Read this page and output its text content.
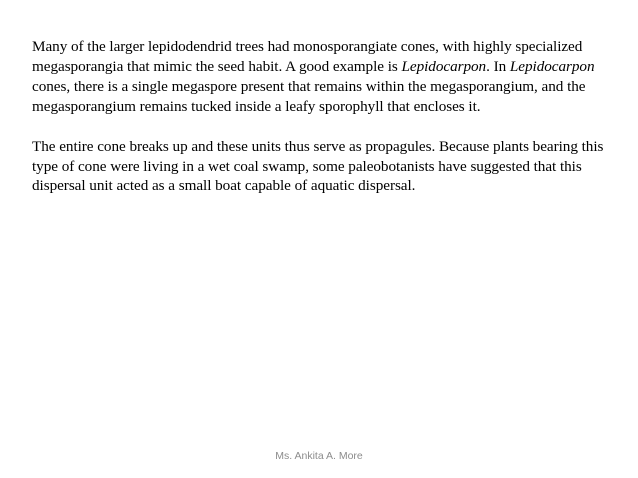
Many of the larger lepidodendrid trees had monosporangiate cones, with highly specialized megasporangia that mimic the seed habit. A good example is Lepidocarpon. In Lepidocarpon cones, there is a single megaspore present that remains within the megasporangium, and the megasporangium remains tucked inside a leafy sporophyll that encloses it.

The entire cone breaks up and these units thus serve as propagules. Because plants bearing this type of cone were living in a wet coal swamp, some paleobotanists have suggested that this dispersal unit acted as a small boat capable of aquatic dispersal.

Ms. Ankita A. More
